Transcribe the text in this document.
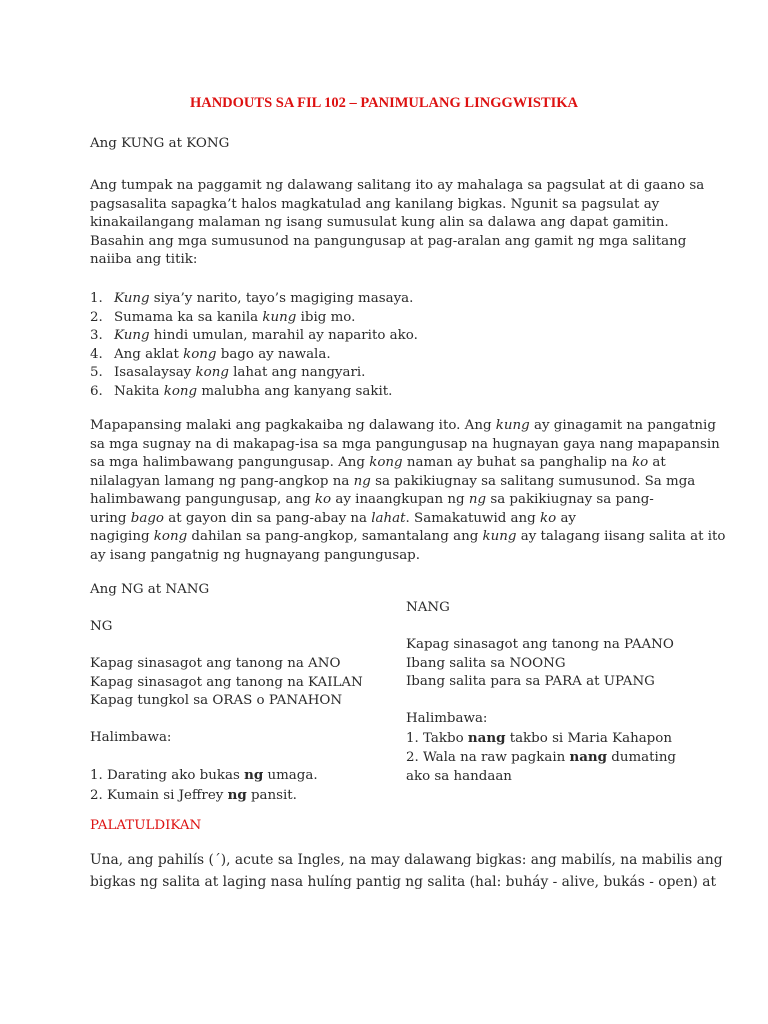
HANDOUTS SA FIL 102 – PANIMULANG LINGGWISTIKA
Ang KUNG at KONG
Ang tumpak na paggamit ng dalawang salitang ito ay mahalaga sa pagsulat at di gaano sa
pagsasalita sapagka’t halos magkatulad ang kanilang bigkas. Ngunit sa pagsulat ay
kinakailangang malaman ng isang sumusulat kung alin sa dalawa ang dapat gamitin.
Basahin ang mga sumusunod na pangungusap at pag-aralan ang gamit ng mga salitang
naiiba ang titik:
1. Kung siya’y narito, tayo’s magiging masaya.
2. Sumama ka sa kanila kung ibig mo.
3. Kung hindi umulan, marahil ay naparito ako.
4. Ang aklat kong bago ay nawala.
5. Isasalaysay kong lahat ang nangyari.
6. Nakita kong malubha ang kanyang sakit.
Mapapansing malaki ang pagkakaiba ng dalawang ito. Ang kung ay ginagamit na pangatnig
sa mga sugnay na di makapag-isa sa mga pangungusap na hugnayan gaya nang mapapansin
sa mga halimbawang pangungusap. Ang kong naman ay buhat sa panghalip na ko at
nilalagyan lamang ng pang-angkop na ng sa pakikiugnay sa salitang sumusunod. Sa mga
halimbawang pangungusap, ang ko ay inaangkupan ng ng sa pakikiugnay sa pang-
uring bago at gayon din sa pang-abay na lahat. Samakatuwid ang ko ay
nagiging kong dahilan sa pang-angkop, samantalang ang kung ay talagang iisang salita at ito
ay isang pangatnig ng hugnayang pangungusap.
Ang NG at NANG
NG
Kapag sinasagot ang tanong na ANO
Kapag sinasagot ang tanong na KAILAN
Kapag tungkol sa ORAS o PANAHON
Halimbawa:
1. Darating ako bukas ng umaga.
2. Kumain si Jeffrey ng pansit.
NANG
Kapag sinasagot ang tanong na PAANO
Ibang salita sa NOONG
Ibang salita para sa PARA at UPANG
Halimbawa:
1. Takbo nang takbo si Maria Kahapon
2. Wala na raw pagkain nang dumating
ako sa handaan
PALATULDIKAN
Una, ang pahilís (´), acute sa Ingles, na may dalawang bigkas: ang mabilís, na mabilis ang
bigkas ng salita at laging nasa hulíng pantig ng salita (hal: buháy - alive, bukás - open) at
